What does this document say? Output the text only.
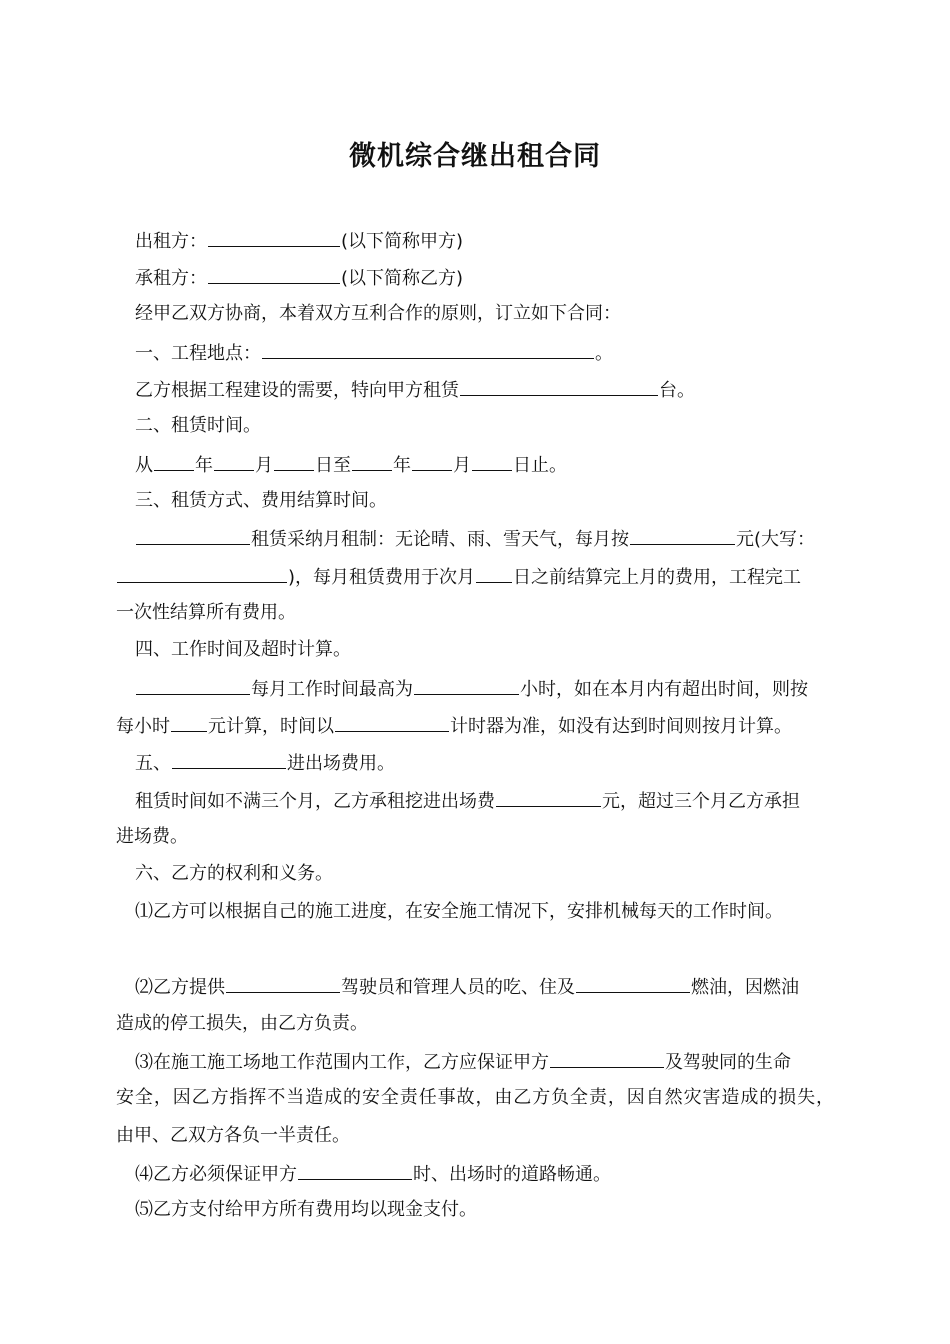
微机综合继出租合同
出租方：	(以下简称甲方)
承租方：	(以下简称乙方)
经甲乙双方协商，本着双方互利合作的原则，订立如下合同：
一、工程地点：	。
乙方根据工程建设的需要，特向甲方租赁	台。
二、租赁时间。
从 年 月 日至 年 月 日止。
三、租赁方式、费用结算时间。
租赁采纳月租制：无论晴、雨、雪天气，每月按	元(大写：
)，每月租赁费用于次月 日之前结算完上月的费用，工程完工
一次性结算所有费用。
四、工作时间及超时计算。
每月工作时间最高为	小时，如在本月内有超出时间，则按
每小时 元计算，时间以	计时器为准，如没有达到时间则按月计算。
五、	进出场费用。
租赁时间如不满三个月，乙方承租挖进出场费	元，超过三个月乙方承担
进场费。
六、乙方的权利和义务。
⑴乙方可以根据自己的施工进度，在安全施工情况下，安排机械每天的工作时间。
⑵乙方提供	驾驶员和管理人员的吃、住及	燃油，因燃油
造成的停工损失，由乙方负责。
⑶在施工施工场地工作范围内工作，乙方应保证甲方	及驾驶同的生命
安全，因乙方指挥不当造成的安全责任事故，由乙方负全责，因自然灾害造成的损失，
由甲、乙双方各负一半责任。
⑷乙方必须保证甲方	时、出场时的道路畅通。
⑸乙方支付给甲方所有费用均以现金支付。
